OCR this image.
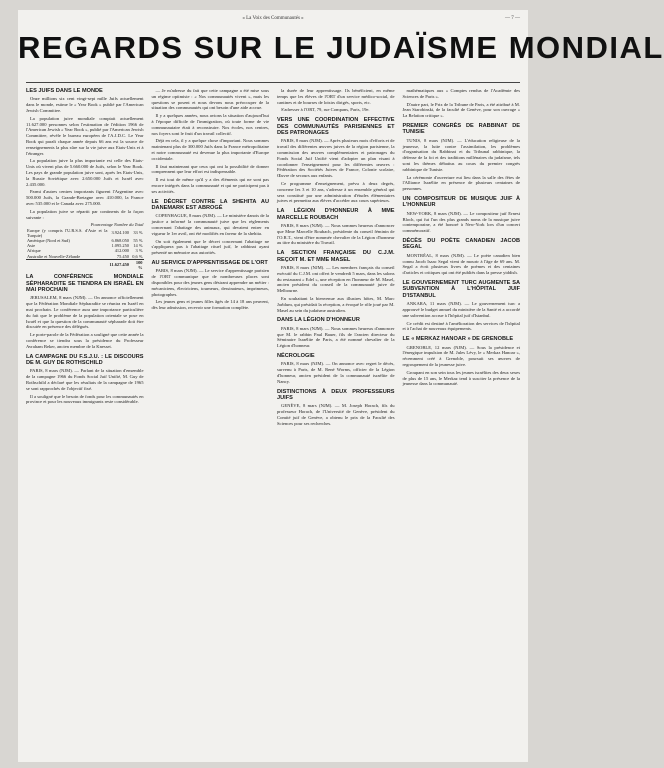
« La Voix des Communautés »	— 7 —
REGARDS SUR LE JUDAÏSME MONDIAL
LES JUIFS DANS LE MONDE

Onze millions six cent vingt-sept mille Juifs actuellement dans le monde, estime le « Year Book » publié par l'American Jewish Committee.

La population juive mondiale comptait actuellement 11.627.000 personnes selon l'estimation de l'édition 1966 de l'American Jewish « Year Book », publié par l'American Jewish Committee, révèle le bureau européen de l'A.J.D.C. Le Year Book qui paraît chaque année depuis 66 ans est la source de renseignements la plus sûre sur la vie juive aux Etats-Unis et à l'étranger.

La population juive la plus importante est celle des Etats-Unis où vivent plus de 5.660.000 de Juifs, selon le Year Book. Les pays de grande population juive sont, après les Etats-Unis, la Russie Soviétique avec 2.650.000 Juifs et Israël avec 2.435.000.

Parmi d'autres centres importants figurent l'Argentine avec 500.000 Juifs, la Grande-Bretagne avec 410.000, la France avec 535.000 et le Canada avec 275.000.

La population juive se répartit par continents de la façon suivante :

Pourcentage Nombre du Total		
Europe (y compris l'U.R.S.S. d'Asie et la Turquie)	3.924.100	33 %
Amérique (Nord et Sud)	6.868.050	55 %
Asie	1.095.250	14 %
Afrique	412.000	3 %
Australie et Nouvelle-Zélande	75.450	0,6 %
	11.627.450	100 %
LA CONFÉRENCE MONDIALE SÉPHARADITE SE TIENDRA EN ISRAËL EN MAI PROCHAIN

JERUSALEM, 8 mars (NJM). — On annonce officiellement que la Fédération Mondiale Sépharadite se réunira en Israël en mai prochain. Le conférence aura une importance particulière du fait que le problème de la population orientale se pose en Israël et que la question de la communauté sépharade doit être discutée en présence des délégués.

Le porte-parole de la Fédération a souligné que cette année la conférence se tiendra sous la présidence du Professeur Avraham Beker, ancien membre de la Knesset.

LA CAMPAGNE DU F.S.J.U. : LE DISCOURS DE M. GUY DE ROTHSCHILD

PARIS, 8 mars (NJM). — Parlant de la situation d'ensemble de la campagne 1966 du Fonds Social Juif Unifié, M. Guy de Rothschild a déclaré que les résultats de la campagne de 1965 se sont rapprochés de l'objectif fixé.

Il a souligné que le besoin de fonds pour les communautés en province et pour les nouveaux immigrants reste considérable.

— Je m'adresse du fait que cette campagne a été mise sous un régime optimiste : « Nos communautés vivent », mais les questions se posent et nous devons nous préoccuper de la situation des communautés qui ont besoin d'une aide accrue.

Il y a quelques années, nous avions la situation d'aujourd'hui à l'époque difficile de l'immigration, où toute forme de vie communautaire était à reconstruire. Nos écoles, nos centres, nos foyers sont le fruit d'un travail collectif.

Déjà en cela, il y a quelque chose d'important. Nous sommes maintenant plus de 300.000 Juifs dans la France métropolitaine et notre communauté est devenue la plus importante d'Europe occidentale.

Il faut maintenant que ceux qui ont la possibilité de donner comprennent que leur effort est indispensable.

Il est tout de même qu'il y a des éléments qui ne sont pas encore intégrés dans la communauté et qui ne participent pas à ses activités.

LE DÉCRET CONTRE LA SHEHITA AU DANEMARK EST ABROGÉ

COPENHAGUE, 8 mars (NJM). — Le ministère danois de la justice a informé la communauté juive que les règlements concernant l'abattage des animaux, qui devaient entrer en vigueur le 1er avril, ont été modifiés en faveur de la shehita.

On soit également que le décret concernant l'abattage ne s'appliquera pas à l'abattage rituel juif, le rabbinat ayant présenté un mémoire aux autorités.

AU SERVICE D'APPRENTISSAGE DE L'ORT

PARIS, 8 mars (NJM). — Le service d'apprentissage parisien de l'ORT communique que de nombreuses places sont disponibles pour des jeunes gens désirant apprendre un métier : mécaniciens, électriciens, tourneurs, dessinateurs, imprimeurs, photographes.

Les jeunes gens et jeunes filles âgés de 14 à 18 ans peuvent, dès leur admission, recevoir une formation complète.

la durée de leur apprentissage. Ils bénéficient, en même temps que les élèves de l'ORT d'un service médico-social, de cantines et de bourses de loisirs dirigés, sports, etc.

S'adresser à l'ORT, 79, rue Compans, Paris, 19e.

VERS UNE COORDINATION EFFECTIVE DES COMMUNAUTÉS PARISIENNES ET DES PATRONAGES

PARIS, 8 mars (NJM). — Après plusieurs mois d'efforts et de travail des différentes œuvres juives de la région parisienne, la commission des œuvres complémentaires et patronages du Fonds Social Juif Unifié vient d'adopter un plan visant à coordonner l'enseignement pour les différentes œuvres : Fédération des Sociétés Juives de France, Colonie scolaire, Œuvre de secours aux enfants.

Ce programme d'enseignement, prévu à deux degrés, concerne les 3 et 10 ans, s'adresse à un ensemble général qui sera constitué par une administration d'études élémentaires juives et permettra aux élèves d'accéder aux cours supérieurs.

LA LÉGION D'HONNEUR À MME MARCELLE ROUBACH

PARIS, 8 mars (NJM). — Nous sommes heureux d'annoncer que Mme Marcelle Roubach, présidente du conseil féminin de l'O.R.T., vient d'être nommée chevalier de la Légion d'honneur au titre du ministère du Travail.

LA SECTION FRANÇAISE DU C.J.M. REÇOIT M. ET MME MASEL

PARIS, 8 mars (NJM). — Les membres français du conseil exécutif du C.J.M. ont offert le vendredi 5 mars, dans les salons du restaurant « Edel », une réception en l'honneur de M. Masel, ancien président du conseil de la communauté juive de Melbourne.

En souhaitant la bienvenue aux illustres hôtes, M. Marc Jarblum, qui présidait la réception, a évoqué le rôle joué par M. Masel au sein du judaïsme australien.

DANS LA LÉGION D'HONNEUR

PARIS, 8 mars (NJM). — Nous sommes heureux d'annoncer que M. le rabbin Paul Bauer, fils de l'ancien directeur du Séminaire Israélite de Paris, a été nommé chevalier de la Légion d'honneur.

NÉCROLOGIE

PARIS, 8 mars (NJM). — On annonce avec regret le décès, survenu à Paris, de M. René Worms, officier de la Légion d'honneur, ancien président de la communauté israélite de Nancy.

DISTINCTIONS À DEUX PROFESSEURS JUIFS

GENÈVE, 8 mars (NJM). — M. Joseph Horach, fils du professeur Horach, de l'Université de Genève, président du Comité juif de Genève, a obtenu le prix de la Faculté des Sciences pour ses recherches.

mathématiques aux « Comptes rendus de l'Académie des Sciences de Paris ».

D'autre part, le Prix de la Tribune de Paris, a été attribué à M. Jean Starobinski, de la faculté de Genève, pour son ouvrage « La Relation critique ».

PREMIER CONGRÈS DE RABBINAT DE TUNISIE

TUNIS, 8 mars (NJM). — L'éducation religieuse de la jeunesse, la lutte contre l'assimilation, les problèmes d'organisation du Rabbinat et du Tribunal rabbinique, la défense de la foi et des traditions millénaires du judaïsme, tels sont les thèmes débattus au cours du premier congrès rabbinique de Tunisie.

La cérémonie d'ouverture eut lieu dans la salle des fêtes de l'Alliance Israélite en présence de plusieurs centaines de personnes.

UN COMPOSITEUR DE MUSIQUE JUIF À L'HONNEUR

NEW-YORK, 8 mars (NJM). — Le compositeur juif Ernest Bloch, qui fut l'un des plus grands noms de la musique juive contemporaine, a été honoré à New-York lors d'un concert commémoratif.

DÉCÈS DU POÈTE CANADIEN JACOB SEGAL

MONTRÉAL, 8 mars (NJM). — Le poète canadien bien connu Jacob Isaac Segal vient de mourir à l'âge de 69 ans. M. Segal a écrit plusieurs livres de poèmes et des centaines d'articles et critiques qui ont été publiés dans la presse yiddish.

LE GOUVERNEMENT TURC AUGMENTE SA SUBVENTION À L'HÔPITAL JUIF D'ISTANBUL

ANKARA, 11 mars (NJM). — Le gouvernement turc a approuvé le budget annuel du ministère de la Santé et a accordé une subvention accrue à l'hôpital juif d'Istanbul.

Ce crédit est destiné à l'amélioration des services de l'hôpital et à l'achat de nouveaux équipements.

LE « MERKAZ HANOAR » DE GRENOBLE

GRENOBLE, 12 mars (NJM). — Sous la présidence et l'énergique impulsion de M. Jules Lévy, le « Merkaz Hanoar », récemment créé à Grenoble, poursuit ses œuvres de regroupement de la jeunesse juive.

Groupant en son sein tous les jeunes israélites des deux sexes de plus de 15 ans, le Merkaz tend à susciter la présence de la jeunesse dans la communauté.
